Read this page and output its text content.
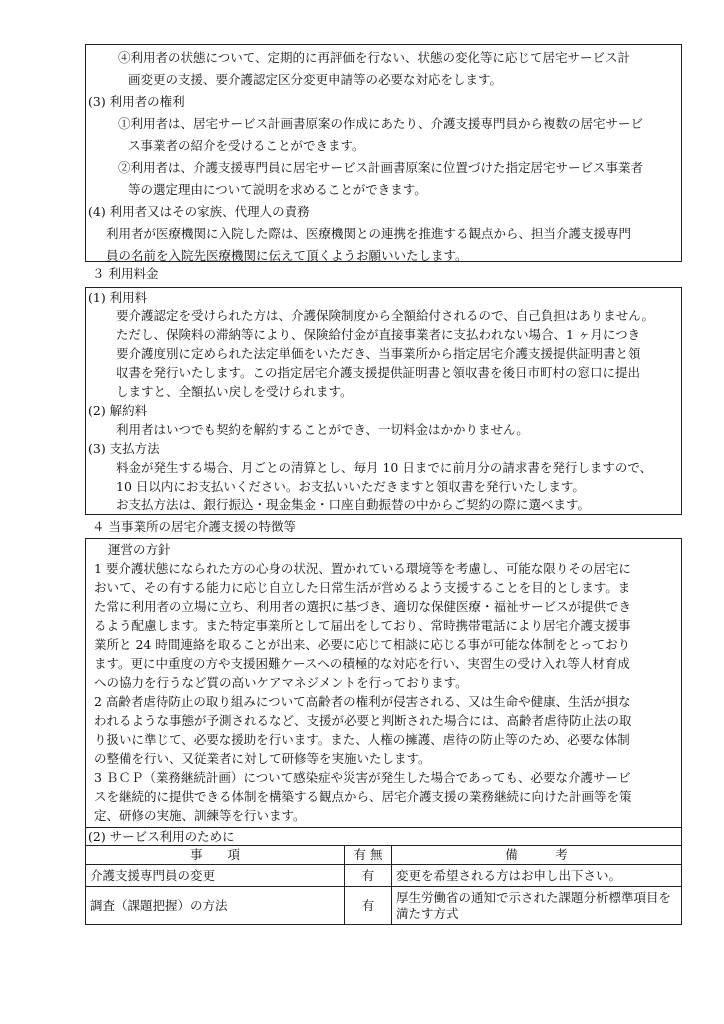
④利用者の状態について、定期的に再評価を行ない、状態の変化等に応じて居宅サービス計
画変更の支援、要介護認定区分変更申請等の必要な対応をします。
(3) 利用者の権利
①利用者は、居宅サービス計画書原案の作成にあたり、介護支援専門員から複数の居宅サービ
ス事業者の紹介を受けることができます。
②利用者は、介護支援専門員に居宅サービス計画書原案に位置づけた指定居宅サービス事業者
等の選定理由について説明を求めることができます。
(4) 利用者又はその家族、代理人の責務
利用者が医療機関に入院した際は、医療機関との連携を推進する観点から、担当介護支援専門
員の名前を入院先医療機関に伝えて頂くようお願いいたします。
３ 利用料金
(1) 利用料
要介護認定を受けられた方は、介護保険制度から全額給付されるので、自己負担はありません。
ただし、保険料の滞納等により、保険給付金が直接事業者に支払われない場合、1 ヶ月につき
要介護度別に定められた法定単価をいただき、当事業所から指定居宅介護支援提供証明書と領
収書を発行いたします。この指定居宅介護支援提供証明書と領収書を後日市町村の窓口に提出
しますと、全額払い戻しを受けられます。
(2) 解約料
利用者はいつでも契約を解約することができ、一切料金はかかりません。
(3) 支払方法
料金が発生する場合、月ごとの清算とし、毎月 10 日までに前月分の請求書を発行しますので、
10 日以内にお支払いください。お支払いいただきますと領収書を発行いたします。
お支払方法は、銀行振込・現金集金・口座自動振替の中からご契約の際に選べます。
４ 当事業所の居宅介護支援の特徴等
運営の方針
1 要介護状態になられた方の心身の状況、置かれている環境等を考慮し、可能な限りその居宅に
おいて、その有する能力に応じ自立した日常生活が営めるよう支援することを目的とします。ま
た常に利用者の立場に立ち、利用者の選択に基づき、適切な保健医療・福祉サービスが提供でき
るよう配慮します。また特定事業所として届出をしており、常時携帯電話により居宅介護支援事
業所と 24 時間連絡を取ることが出来、必要に応じて相談に応じる事が可能な体制をとっており
ます。更に中重度の方や支援困難ケースへの積極的な対応を行い、実習生の受け入れ等人材育成
への協力を行うなど質の高いケアマネジメントを行っております。
2 高齢者虐待防止の取り組みについて高齢者の権利が侵害される、又は生命や健康、生活が損な
われるような事態が予測されるなど、支援が必要と判断された場合には、高齢者虐待防止法の取
り扱いに準じて、必要な援助を行います。また、人権の擁護、虐待の防止等のため、必要な体制
の整備を行い、又従業者に対して研修等を実施いたします。
3 ＢＣＰ（業務継続計画）について感染症や災害が発生した場合であっても、必要な介護サービ
スを継続的に提供できる体制を構築する観点から、居宅介護支援の業務継続に向けた計画等を策
定、研修の実施、訓練等を行います。
(2) サービス利用のために
事　　項	有 無	備　　　考
介護支援専門員の変更	有	変更を希望される方はお申し出下さい。
調査（課題把握）の方法	有	厚生労働省の通知で示された課題分析標準項目を満たす方式
